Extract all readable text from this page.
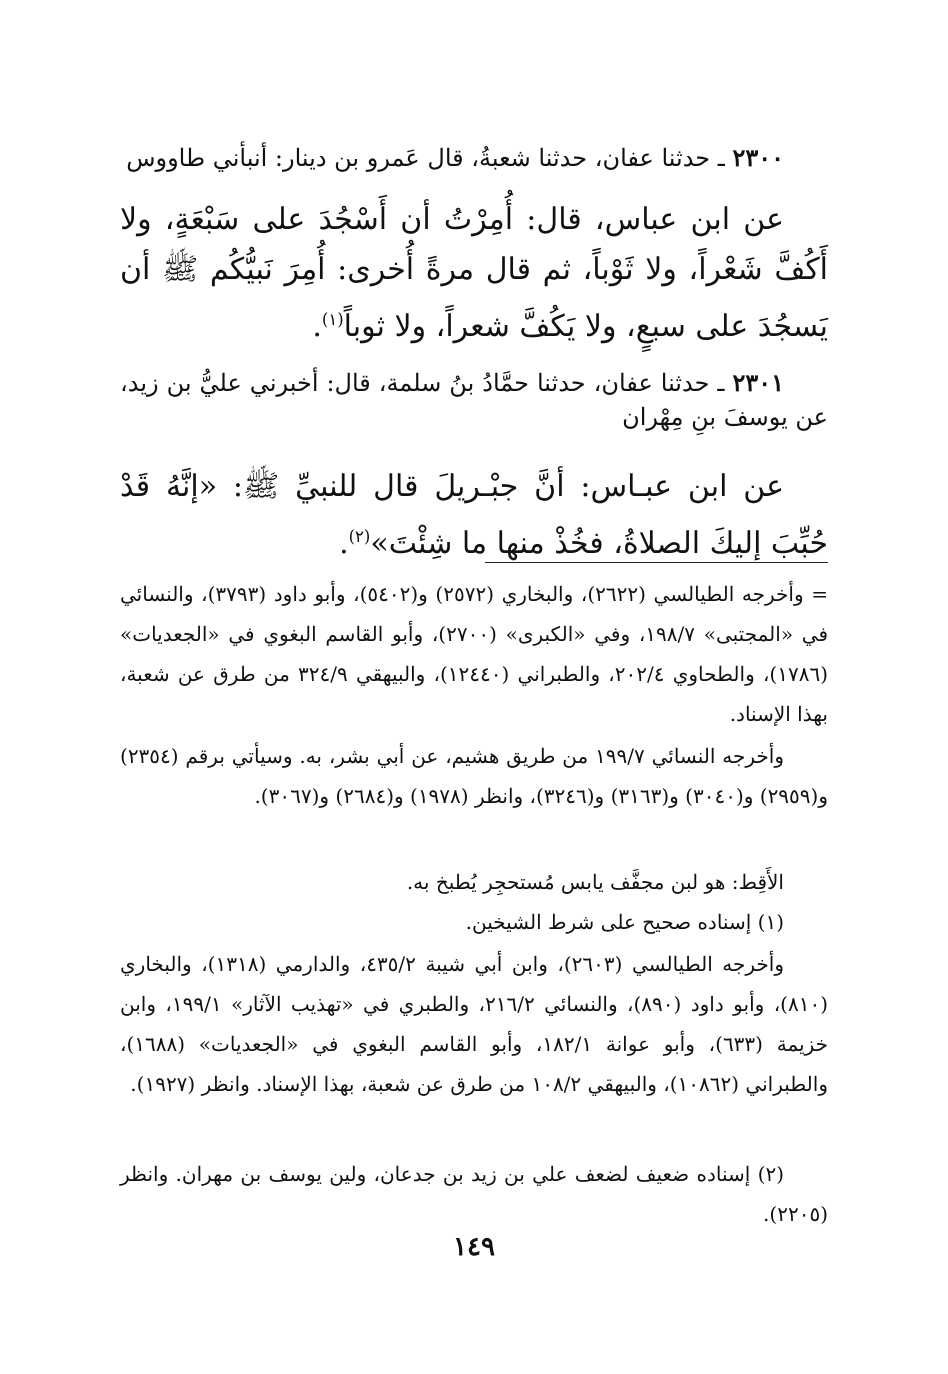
٢٣٠٠ ـ حدثنا عفان، حدثنا شعبةُ، قال عَمرو بن دينار: أنبأني طاووس
عن ابن عباس، قال: أُمِرْتُ أن أَسْجُدَ على سَبْعَةٍ، ولا أَكُفَّ شَعْراً، ولا ثَوْباً، ثم قال مرةً أُخرى: أُمِرَ نَبيُّكُم ﷺ أن يَسجُدَ على سبعٍ، ولا يَكُفَّ شعراً، ولا ثوباً$^{(١)}$.
٢٣٠١ ـ حدثنا عفان، حدثنا حمَّادُ بنُ سلمة، قال: أخبرني عليُّ بن زيد، عن يوسفَ بنِ مِهْران
عن ابن عبـاس: أنَّ جبْـريلَ قال للنبيِّ ﷺ: «إنَّهُ قَدْ حُبِّبَ إليكَ الصلاةُ، فخُذْ منها ما شِئْتَ»$^{(٢)}$.
= وأخرجه الطيالسي (٢٦٢٢)، والبخاري (٢٥٧٢) و(٥٤٠٢)، وأبو داود (٣٧٩٣)، والنسائي في «المجتبى» ١٩٨/٧، وفي «الكبرى» (٢٧٠٠)، وأبو القاسم البغوي في «الجعديات» (١٧٨٦)، والطحاوي ٢٠٢/٤، والطبراني (١٢٤٤٠)، والبيهقي ٣٢٤/٩ من طرق عن شعبة، بهذا الإسناد.
وأخرجه النسائي ١٩٩/٧ من طريق هشيم، عن أبي بشر، به. وسيأتي برقم (٢٣٥٤) و(٢٩٥٩) و(٣٠٤٠) و(٣١٦٣) و(٣٢٤٦)، وانظر (١٩٧٨) و(٢٦٨٤) و(٣٠٦٧).
الأَقِط: هو لبن مجفَّف يابس مُستحجِر يُطبخ به.
(١) إسناده صحيح على شرط الشيخين.
وأخرجه الطيالسي (٢٦٠٣)، وابن أبي شيبة ٤٣٥/٢، والدارمي (١٣١٨)، والبخاري (٨١٠)، وأبو داود (٨٩٠)، والنسائي ٢١٦/٢، والطبري في «تهذيب الآثار» ١٩٩/١، وابن خزيمة (٦٣٣)، وأبو عوانة ١٨٢/١، وأبو القاسم البغوي في «الجعديات» (١٦٨٨)، والطبراني (١٠٨٦٢)، والبيهقي ١٠٨/٢ من طرق عن شعبة، بهذا الإسناد. وانظر (١٩٢٧).
(٢) إسناده ضعيف لضعف علي بن زيد بن جدعان، ولين يوسف بن مهران. وانظر (٢٢٠٥).
١٤٩
